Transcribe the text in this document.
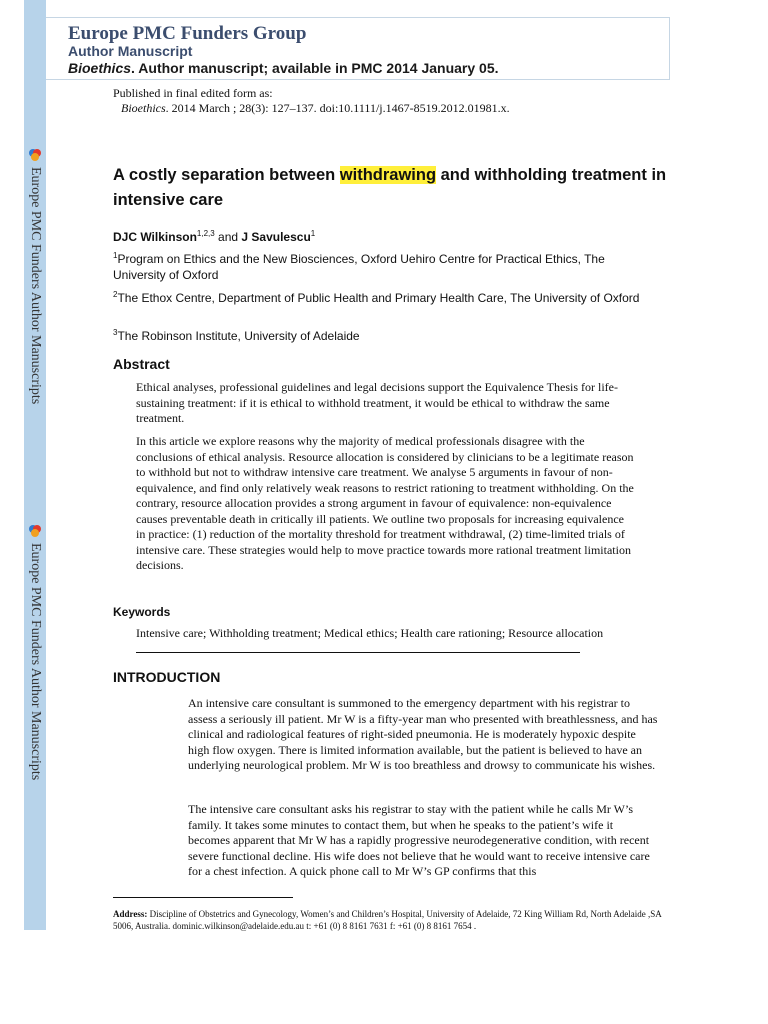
Europe PMC Funders Author Manuscripts
Europe PMC Funders Author Manuscripts
Europe PMC Funders Group
Author Manuscript
Bioethics. Author manuscript; available in PMC 2014 January 05.
Published in final edited form as:
Bioethics. 2014 March ; 28(3): 127–137. doi:10.1111/j.1467-8519.2012.01981.x.
A costly separation between withdrawing and withholding treatment in intensive care
DJC Wilkinson$^{1,2,3}$ and J Savulescu$^1$
$^1$Program on Ethics and the New Biosciences, Oxford Uehiro Centre for Practical Ethics, The University of Oxford
$^2$The Ethox Centre, Department of Public Health and Primary Health Care, The University of Oxford
$^3$The Robinson Institute, University of Adelaide
Abstract
Ethical analyses, professional guidelines and legal decisions support the Equivalence Thesis for life-sustaining treatment: if it is ethical to withhold treatment, it would be ethical to withdraw the same treatment.
In this article we explore reasons why the majority of medical professionals disagree with the conclusions of ethical analysis. Resource allocation is considered by clinicians to be a legitimate reason to withhold but not to withdraw intensive care treatment. We analyse 5 arguments in favour of non-equivalence, and find only relatively weak reasons to restrict rationing to treatment withholding. On the contrary, resource allocation provides a strong argument in favour of equivalence: non-equivalence causes preventable death in critically ill patients. We outline two proposals for increasing equivalence in practice: (1) reduction of the mortality threshold for treatment withdrawal, (2) time-limited trials of intensive care. These strategies would help to move practice towards more rational treatment limitation decisions.
Keywords
Intensive care; Withholding treatment; Medical ethics; Health care rationing; Resource allocation
INTRODUCTION
An intensive care consultant is summoned to the emergency department with his registrar to assess a seriously ill patient. Mr W is a fifty-year man who presented with breathlessness, and has clinical and radiological features of right-sided pneumonia. He is moderately hypoxic despite high flow oxygen. There is limited information available, but the patient is believed to have an underlying neurological problem. Mr W is too breathless and drowsy to communicate his wishes.
The intensive care consultant asks his registrar to stay with the patient while he calls Mr W’s family. It takes some minutes to contact them, but when he speaks to the patient’s wife it becomes apparent that Mr W has a rapidly progressive neurodegenerative condition, with recent severe functional decline. His wife does not believe that he would want to receive intensive care for a chest infection. A quick phone call to Mr W’s GP confirms that this
Address: Discipline of Obstetrics and Gynecology, Women’s and Children’s Hospital, University of Adelaide, 72 King William Rd, North Adelaide ,SA 5006, Australia. dominic.wilkinson@adelaide.edu.au t: +61 (0) 8 8161 7631 f: +61 (0) 8 8161 7654 .
